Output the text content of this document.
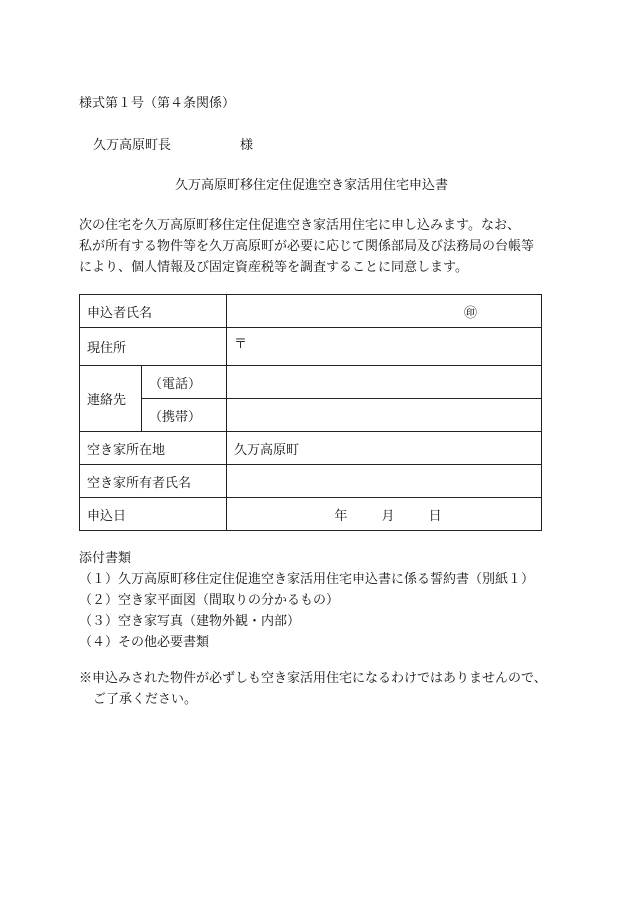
様式第１号（第４条関係）
久万高原町長	様
久万高原町移住定住促進空き家活用住宅申込書
次の住宅を久万高原町移住定住促進空き家活用住宅に申し込みます。なお、
私が所有する物件等を久万高原町が必要に応じて関係部局及び法務局の台帳等
により、個人情報及び固定資産税等を調査することに同意します。
申込者氏名		㊞
現住所		〒
連絡先	（電話）	
	（携帯）	
空き家所在地		久万高原町
空き家所有者氏名		
申込日		年 月 日
添付書類
（１）久万高原町移住定住促進空き家活用住宅申込書に係る誓約書（別紙１）
（２）空き家平面図（間取りの分かるもの）
（３）空き家写真（建物外観・内部）
（４）その他必要書類
※申込みされた物件が必ずしも空き家活用住宅になるわけではありませんので、
ご了承ください。
